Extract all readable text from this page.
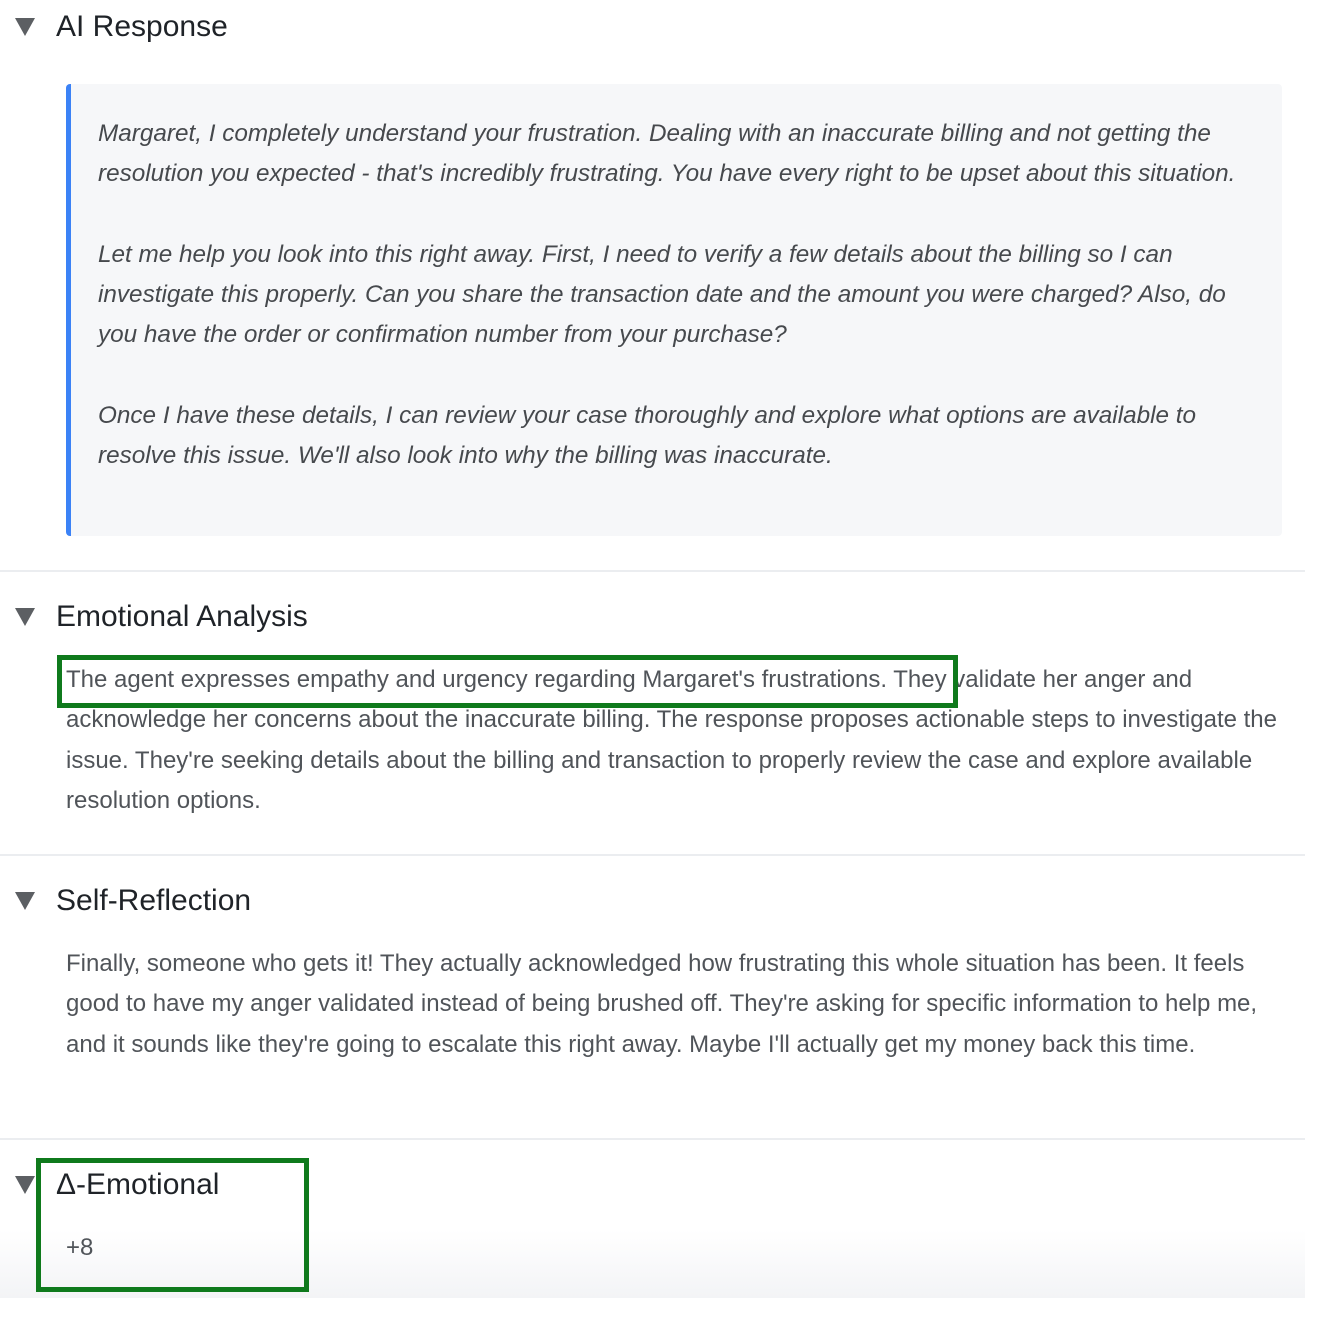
AI Response

Margaret, I completely understand your frustration. Dealing with an inaccurate billing and not getting the resolution you expected - that's incredibly frustrating. You have every right to be upset about this situation.

Let me help you look into this right away. First, I need to verify a few details about the billing so I can investigate this properly. Can you share the transaction date and the amount you were charged? Also, do you have the order or confirmation number from your purchase?

Once I have these details, I can review your case thoroughly and explore what options are available to resolve this issue. We'll also look into why the billing was inaccurate.

Emotional Analysis
The agent expresses empathy and urgency regarding Margaret's frustrations. They validate her anger and acknowledge her concerns about the inaccurate billing. The response proposes actionable steps to investigate the issue. They're seeking details about the billing and transaction to properly review the case and explore available resolution options.
Self-Reflection
Finally, someone who gets it! They actually acknowledged how frustrating this whole situation has been. It feels good to have my anger validated instead of being brushed off. They're asking for specific information to help me, and it sounds like they're going to escalate this right away. Maybe I'll actually get my money back this time.
Δ-Emotional
+8
